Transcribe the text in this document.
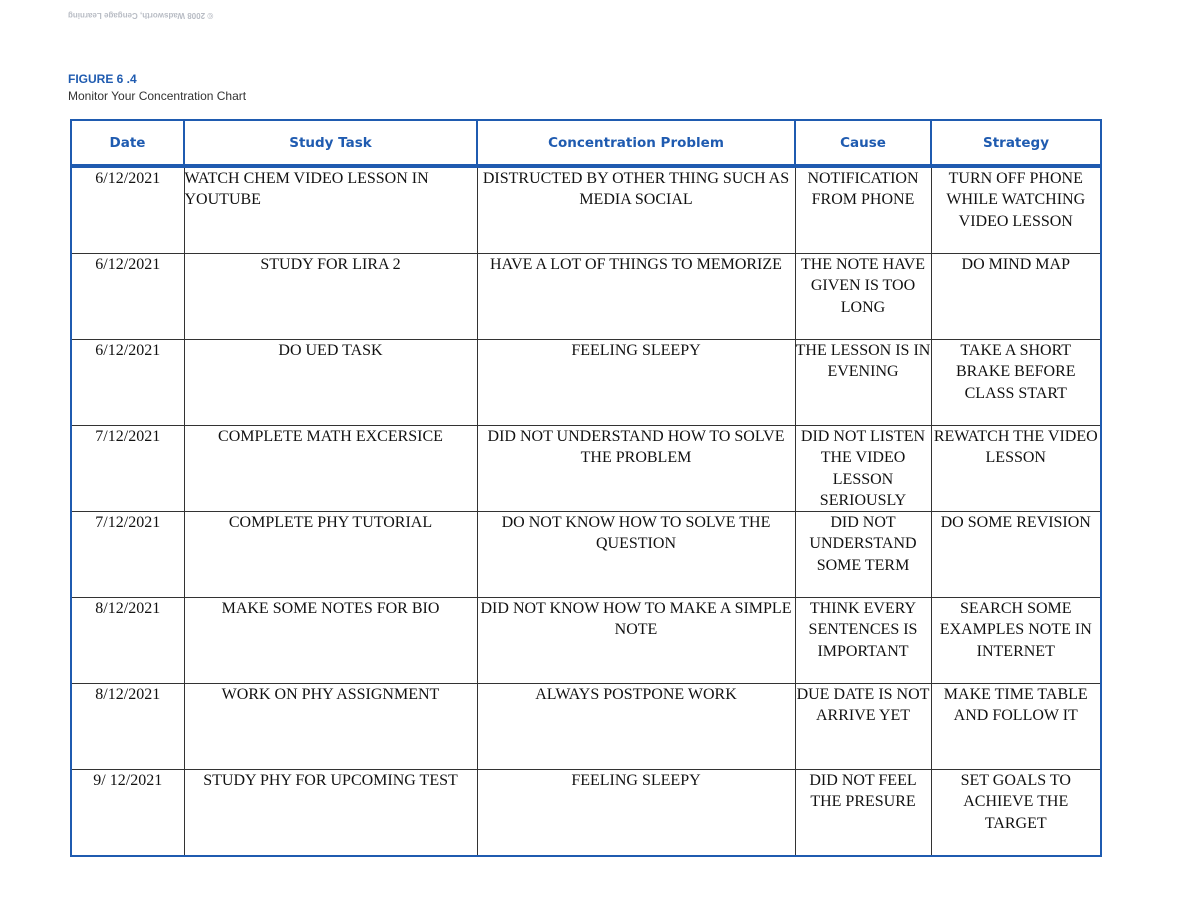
© 2008 Wadsworth, Cengage Learning
FIGURE 6 .4
Monitor Your Concentration Chart
Date	Study Task	Concentration Problem	Cause	Strategy
6/12/2021	WATCH CHEM VIDEO LESSON IN YOUTUBE	DISTRUCTED BY OTHER THING SUCH AS MEDIA SOCIAL	NOTIFICATION FROM PHONE	TURN OFF PHONE WHILE WATCHING VIDEO LESSON
6/12/2021	STUDY FOR LIRA 2	HAVE A LOT OF THINGS TO MEMORIZE	THE NOTE HAVE GIVEN IS TOO LONG	DO MIND MAP
6/12/2021	DO UED TASK	FEELING SLEEPY	THE LESSON IS IN EVENING	TAKE A SHORT BRAKE BEFORE CLASS START
7/12/2021	COMPLETE MATH EXCERSICE	DID NOT UNDERSTAND HOW TO SOLVE THE PROBLEM	DID NOT LISTEN THE VIDEO LESSON SERIOUSLY	REWATCH THE VIDEO LESSON
7/12/2021	COMPLETE PHY TUTORIAL	DO NOT KNOW HOW TO SOLVE THE QUESTION	DID NOT UNDERSTAND SOME TERM	DO SOME REVISION
8/12/2021	MAKE SOME NOTES FOR BIO	DID NOT KNOW HOW TO MAKE A SIMPLE NOTE	THINK EVERY SENTENCES IS IMPORTANT	SEARCH SOME EXAMPLES NOTE IN INTERNET
8/12/2021	WORK ON PHY ASSIGNMENT	ALWAYS POSTPONE WORK	DUE DATE IS NOT ARRIVE YET	MAKE TIME TABLE AND FOLLOW IT
9/ 12/2021	STUDY PHY FOR UPCOMING TEST	FEELING SLEEPY	DID NOT FEEL THE PRESURE	SET GOALS TO ACHIEVE THE TARGET
